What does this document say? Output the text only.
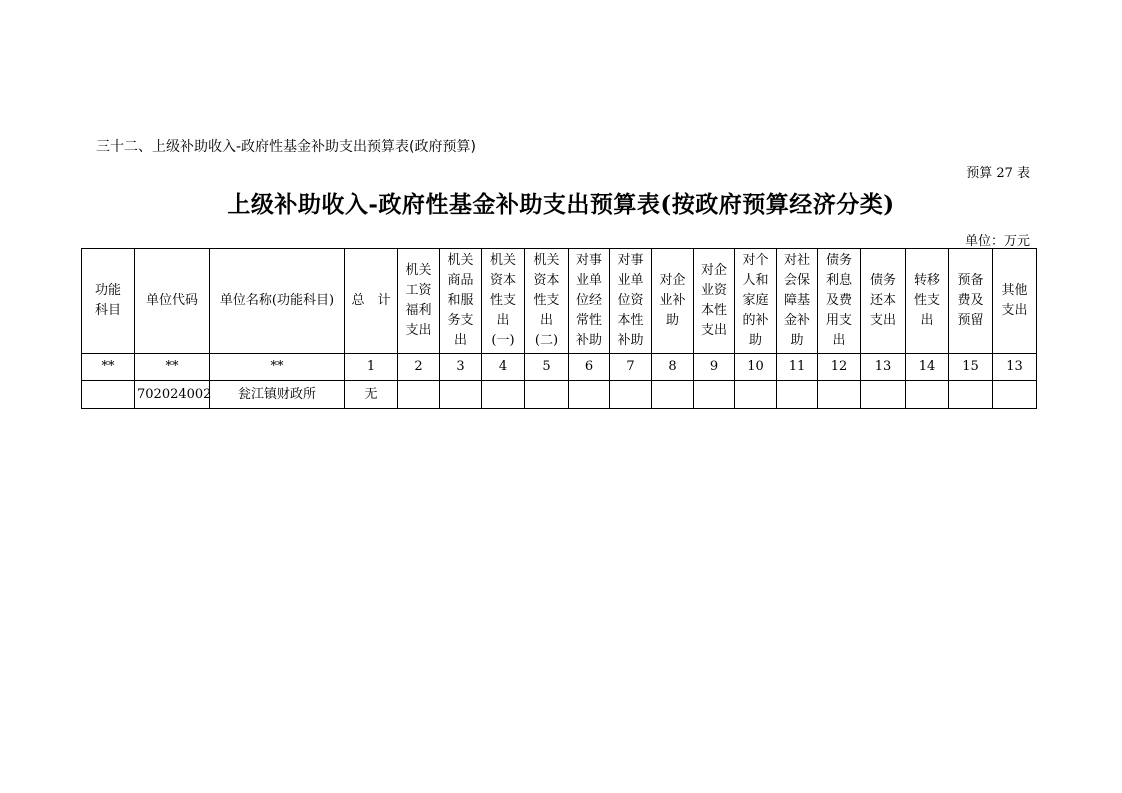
三十二、上级补助收入-政府性基金补助支出预算表(政府预算)
预算 27 表
上级补助收入-政府性基金补助支出预算表(按政府预算经济分类)
单位：万元
功能科目	单位代码	单位名称(功能科目)	总　计	机关工资福利支出	机关商品和服务支出	机关资本性支出(一)	机关资本性支出(二)	对事业单位经常性补助	对事业单位资本性补助	对企业补助	对企业资本性支出	对个人和家庭的补助	对社会保障基金补助	债务利息及费用支出	债务还本支出	转移性支出	预备费及预留	其他支出
**	**	**	1	2	3	4	5	6	7	8	9	10	11	12	13	14	15	13
	702024002	瓮江镇财政所	无															
